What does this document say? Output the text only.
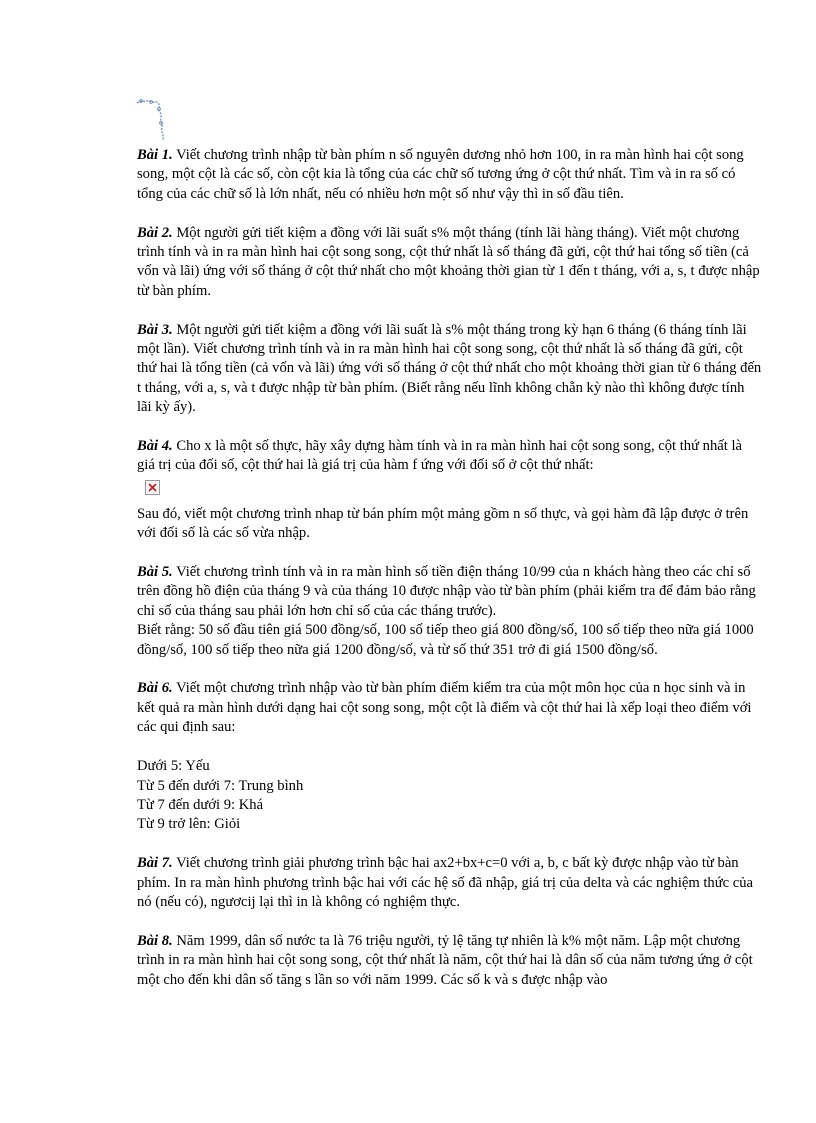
Bài 1. Viết chương trình nhập từ bàn phím n số nguyên dương nhỏ hơn 100, in ra màn hình hai cột song song, một cột là các số, còn cột kia là tổng của các chữ số tương ứng ở cột thứ nhất. Tìm và in ra số có tổng của các chữ số là lớn nhất, nếu có nhiều hơn một số như vậy thì in số đầu tiên.

Bài 2. Một người gửi tiết kiệm a đồng với lãi suất s% một tháng (tính lãi hàng tháng). Viết một chương trình tính và in ra màn hình hai cột song song, cột thứ nhất là số tháng đã gửi, cột thứ hai tổng số tiền (cả vốn và lãi) ứng với số tháng ở cột thứ nhất cho một khoảng thời gian từ 1 đến t tháng, với a, s, t được nhập từ bàn phím.

Bài 3. Một người gửi tiết kiệm a đồng với lãi suất là s% một tháng trong kỳ hạn 6 tháng (6 tháng tính lãi một lần). Viết chương trình tính và in ra màn hình hai cột song song, cột thứ nhất là số tháng đã gửi, cột thứ hai là tổng tiền (cả vốn và lãi) ứng với số tháng ở cột thứ nhất cho một khoảng thời gian từ 6 tháng đến t tháng, với a, s, và t được nhập từ bàn phím. (Biết rằng nếu lĩnh không chẵn kỳ nào thì không được tính lãi kỳ ấy).

Bài 4. Cho x là một số thực, hãy xây dựng hàm tính và in ra màn hình hai cột song song, cột thứ nhất là giá trị của đối số, cột thứ hai là giá trị của hàm f ứng với đối số ở cột thứ nhất:

Sau đó, viết một chương trình nhap từ bán phím một mảng gồm n số thực, và gọi hàm đã lập được ở trên với đối số là các số vừa nhập.

Bài 5. Viết chương trình tính và in ra màn hình số tiền điện tháng 10/99 của n khách hàng theo các chỉ số trên đồng hồ điện của tháng 9 và của tháng 10 được nhập vào từ bàn phím (phải kiểm tra để đảm bảo rằng chỉ số của tháng sau phải lớn hơn chỉ số của các tháng trước).

Biết rằng: 50 số đầu tiên giá 500 đồng/số, 100 số tiếp theo giá 800 đồng/số, 100 số tiếp theo nữa giá 1000 đồng/số, 100 số tiếp theo nữa giá 1200 đồng/số, và từ số thứ 351 trở đi giá 1500 đồng/số.

Bài 6. Viết một chương trình nhập vào từ bàn phím điểm kiểm tra của một môn học của n học sinh và in kết quả ra màn hình dưới dạng hai cột song song, một cột là điểm và cột thứ hai là xếp loại theo điểm với các qui định sau:

Dưới 5: Yếu
Từ 5 đến dưới 7: Trung bình
Từ 7 đến dưới 9: Khá
Từ 9 trở lên: Giỏi

Bài 7. Viết chương trình giải phương trình bậc hai ax2+bx+c=0 với a, b, c bất kỳ được nhập vào từ bàn phím. In ra màn hình phương trình bậc hai với các hệ số đã nhập, giá trị của delta và các nghiệm thức của nó (nếu có), ngươcij lại thì in là không có nghiệm thực.

Bài 8. Năm 1999, dân số nước ta là 76 triệu người, tỷ lệ tăng tự nhiên là k% một năm. Lập một chương trình in ra màn hình hai cột song song, cột thứ nhất là năm, cột thứ hai là dân số của năm tương ứng ở cột một cho đến khi dân số tăng s lần so với năm 1999. Các số k và s được nhập vào
